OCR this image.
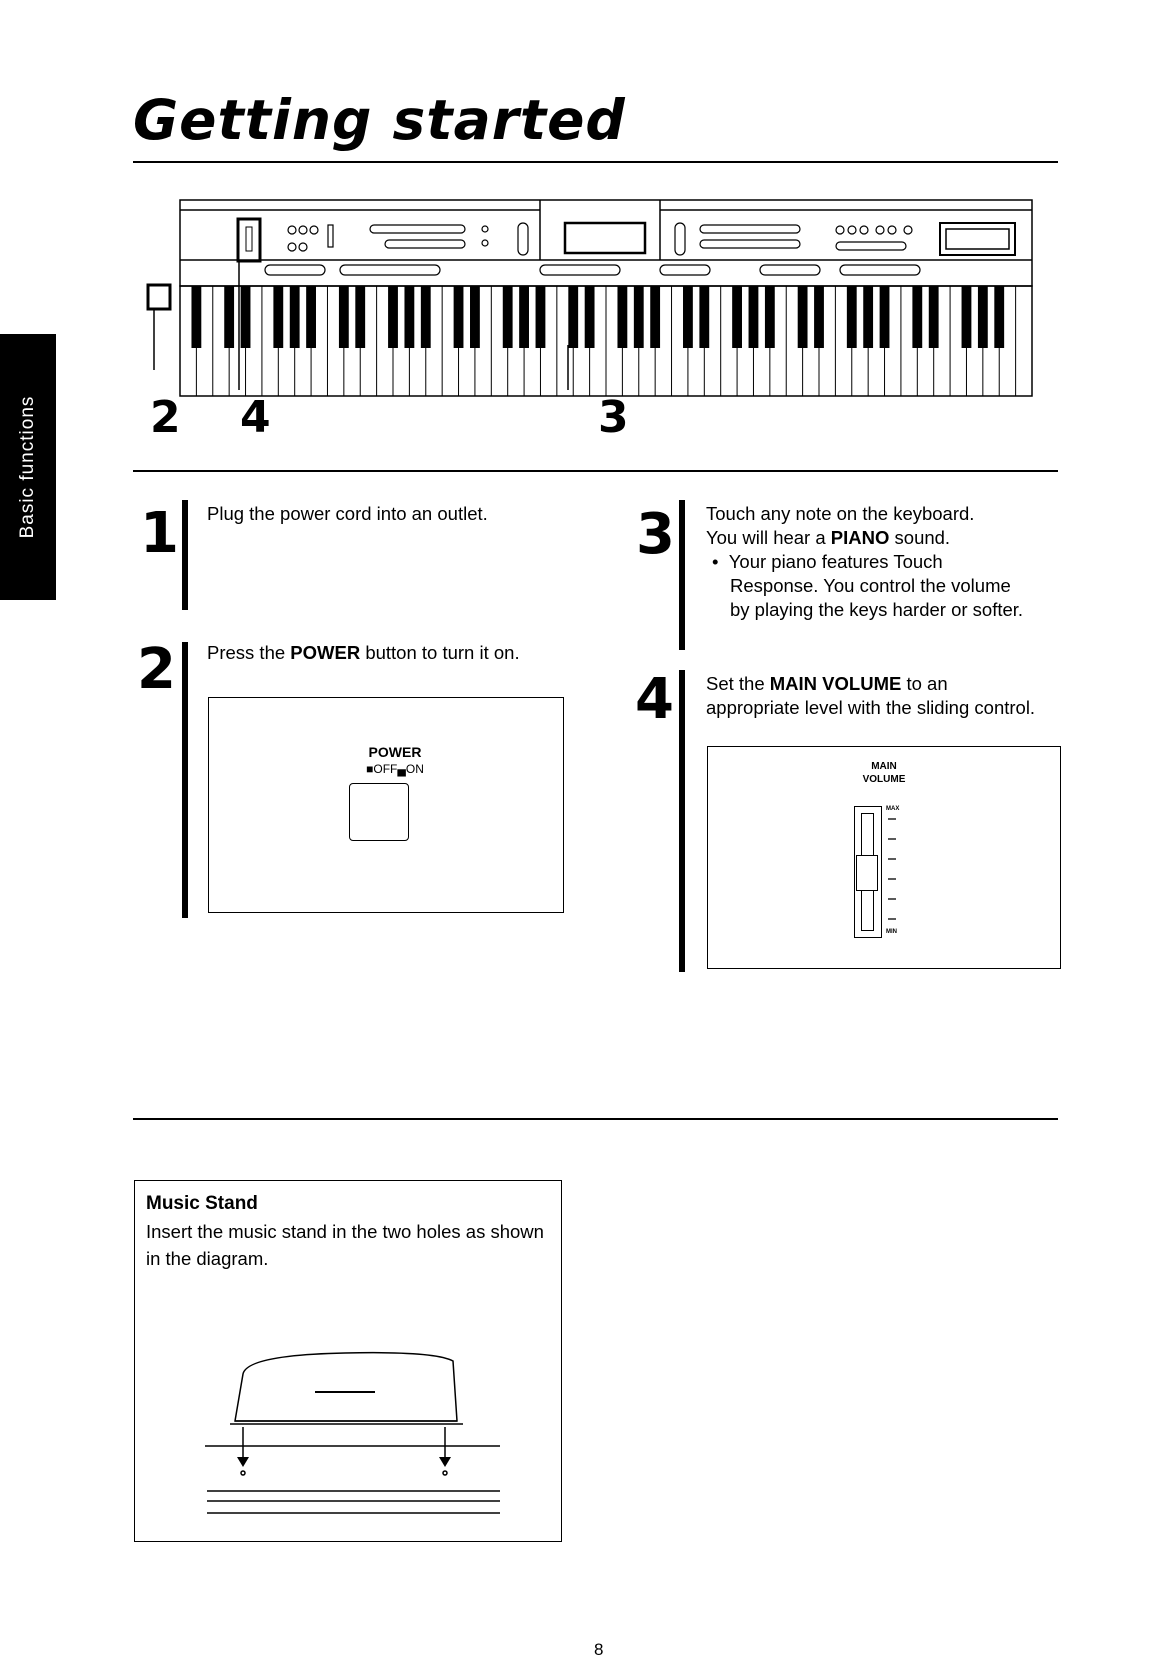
Getting started
Basic functions	2 4	3
1 Plug the power cord into an outlet.
2 Press the POWER button to turn it on.
POWER
■OFF▄ON
3 Touch any note on the keyboard.
You will hear a PIANO sound.
•  Your piano features Touch Response. You control the volume by playing the keys harder or softer.
4 Set the MAIN VOLUME to an appropriate level with the sliding control.
MAIN
VOLUME
MAX
MIN
Music Stand
Insert the music stand in the two holes as shown in the diagram.
8
